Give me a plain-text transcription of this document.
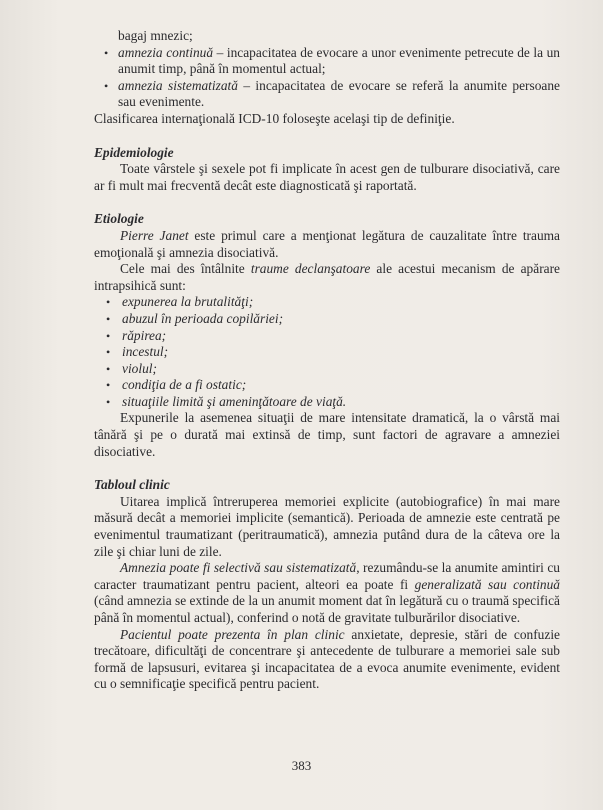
bagaj mnezic;

• amnezia continuă – incapacitatea de evocare a unor evenimente petrecute de la un anumit timp, până în momentul actual;

• amnezia sistematizată – incapacitatea de evocare se referă la anumite persoane sau evenimente.

Clasificarea internaţională ICD-10 foloseşte acelaşi tip de definiţie.

Epidemiologie

Toate vârstele şi sexele pot fi implicate în acest gen de tulburare disociativă, care ar fi mult mai frecventă decât este diagnosticată şi raportată.

Etiologie

Pierre Janet este primul care a menţionat legătura de cauzalitate între trauma emoţională şi amnezia disociativă.

Cele mai des întâlnite traume declanşatoare ale acestui mecanism de apărare intrapsihică sunt:

• expunerea la brutalităţi;

• abuzul în perioada copilăriei;

• răpirea;

• incestul;

• violul;

• condiţia de a fi ostatic;

• situaţiile limită şi ameninţătoare de viaţă.

Expunerile la asemenea situaţii de mare intensitate dramatică, la o vârstă mai tânără şi pe o durată mai extinsă de timp, sunt factori de agravare a amneziei disociative.

Tabloul clinic

Uitarea implică întreruperea memoriei explicite (autobiografice) în mai mare măsură decât a memoriei implicite (semantică). Perioada de amnezie este centrată pe evenimentul traumatizant (peritraumatică), amnezia putând dura de la câteva ore la zile şi chiar luni de zile.

Amnezia poate fi selectivă sau sistematizată, rezumându-se la anumite amintiri cu caracter traumatizant pentru pacient, alteori ea poate fi generalizată sau continuă (când amnezia se extinde de la un anumit moment dat în legătură cu o traumă specifică până în momentul actual), conferind o notă de gravitate tulburărilor disociative.

Pacientul poate prezenta în plan clinic anxietate, depresie, stări de confuzie trecătoare, dificultăţi de concentrare şi antecedente de tulburare a memoriei sale sub formă de lapsusuri, evitarea şi incapacitatea de a evoca anumite evenimente, evident cu o semnificaţie specifică pentru pacient.

383
